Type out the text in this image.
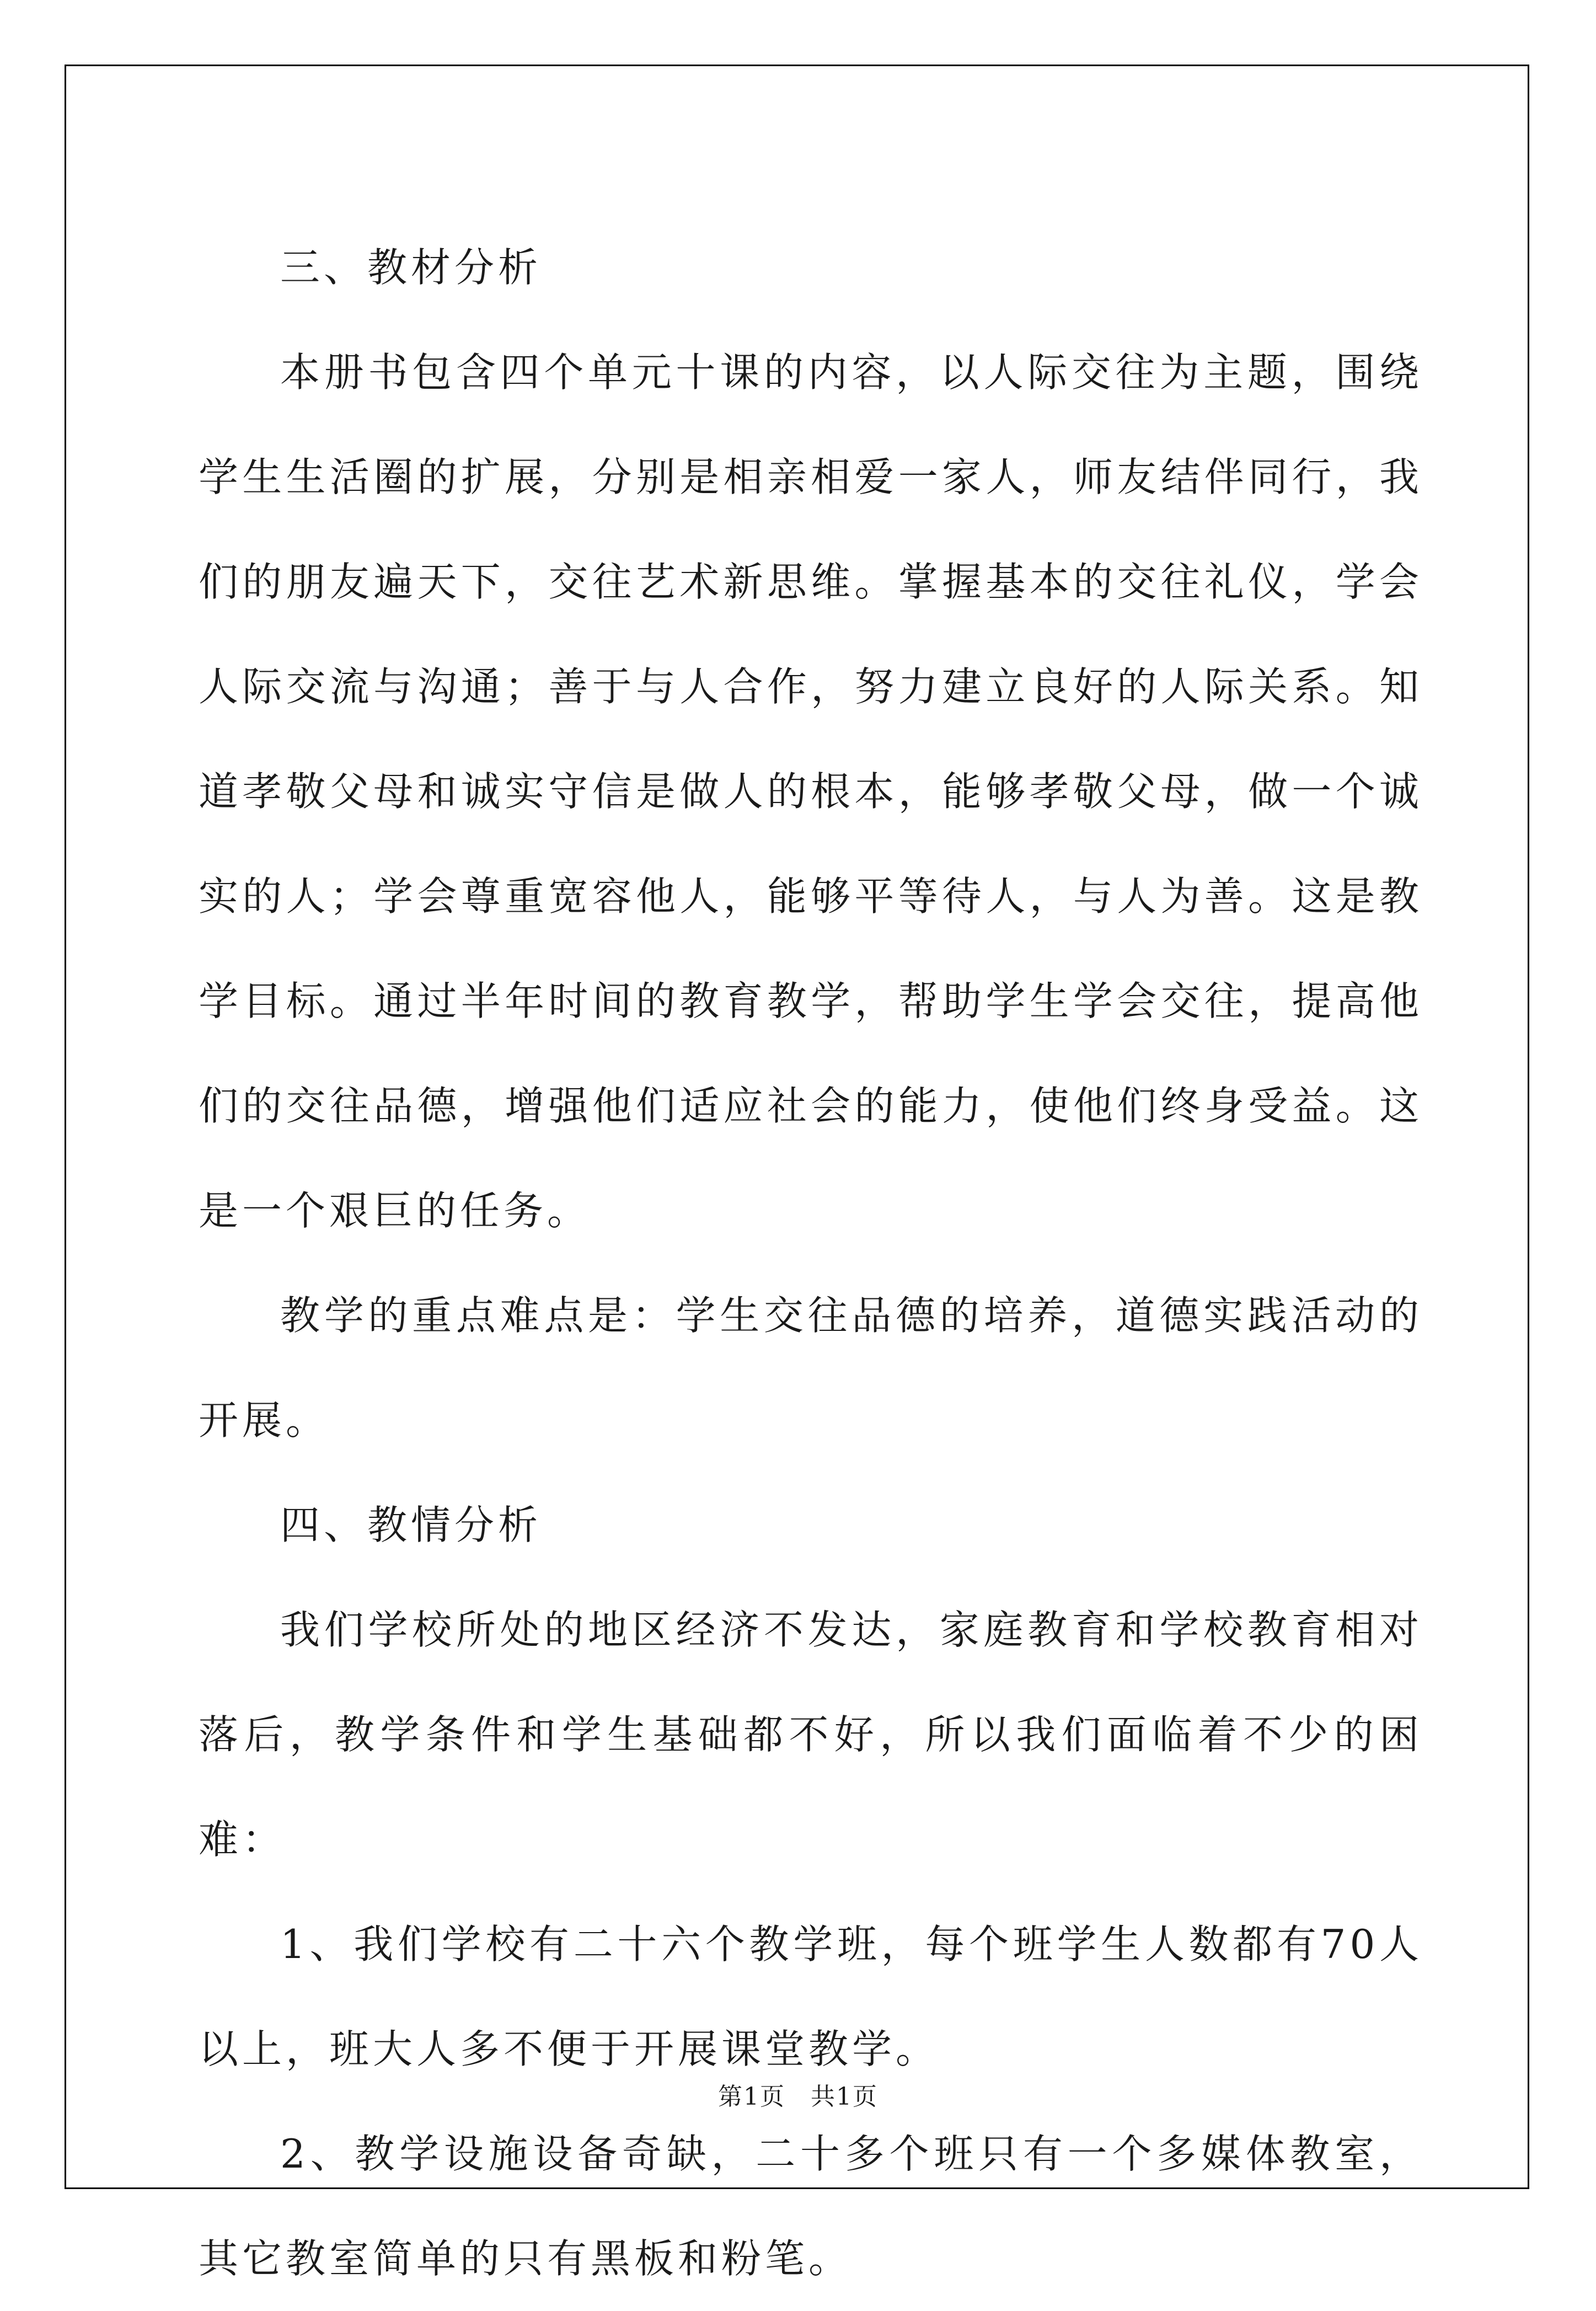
三、教材分析

本册书包含四个单元十课的内容，以人际交往为主题，围绕学生生活圈的扩展，分别是相亲相爱一家人，师友结伴同行，我们的朋友遍天下，交往艺术新思维。掌握基本的交往礼仪，学会人际交流与沟通；善于与人合作，努力建立良好的人际关系。知道孝敬父母和诚实守信是做人的根本，能够孝敬父母，做一个诚实的人；学会尊重宽容他人，能够平等待人，与人为善。这是教学目标。通过半年时间的教育教学，帮助学生学会交往，提高他们的交往品德，增强他们适应社会的能力，使他们终身受益。这是一个艰巨的任务。

教学的重点难点是：学生交往品德的培养，道德实践活动的开展。

四、教情分析

我们学校所处的地区经济不发达，家庭教育和学校教育相对落后，教学条件和学生基础都不好，所以我们面临着不少的困难：

1、我们学校有二十六个教学班，每个班学生人数都有70人以上，班大人多不便于开展课堂教学。

2、教学设施设备奇缺，二十多个班只有一个多媒体教室，其它教室简单的只有黑板和粉笔。

第1页　共1页
